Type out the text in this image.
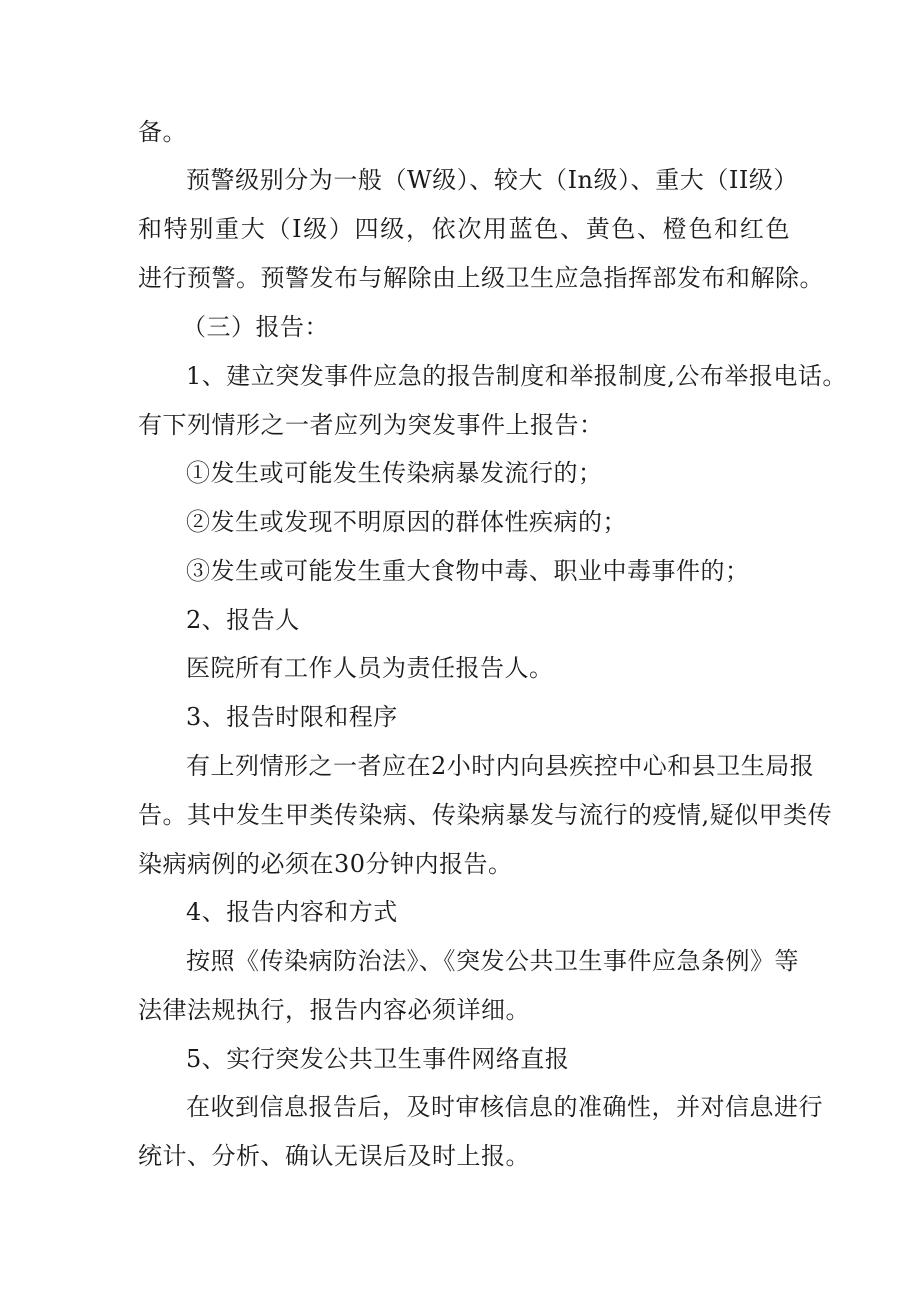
备。
预警级别分为一般（W级）、较大（In级）、重大（II级）
和特别重大（I级）四级，依次用蓝色、黄色、橙色和红色
进行预警。预警发布与解除由上级卫生应急指挥部发布和解除。
（三）报告：
1、建立突发事件应急的报告制度和举报制度,公布举报电话。
有下列情形之一者应列为突发事件上报告：
①发生或可能发生传染病暴发流行的；
②发生或发现不明原因的群体性疾病的；
③发生或可能发生重大食物中毒、职业中毒事件的；
2、报告人
医院所有工作人员为责任报告人。
3、报告时限和程序
有上列情形之一者应在2小时内向县疾控中心和县卫生局报
告。其中发生甲类传染病、传染病暴发与流行的疫情,疑似甲类传
染病病例的必须在30分钟内报告。
4、报告内容和方式
按照《传染病防治法》、《突发公共卫生事件应急条例》等
法律法规执行，报告内容必须详细。
5、实行突发公共卫生事件网络直报
在收到信息报告后，及时审核信息的准确性，并对信息进行
统计、分析、确认无误后及时上报。
